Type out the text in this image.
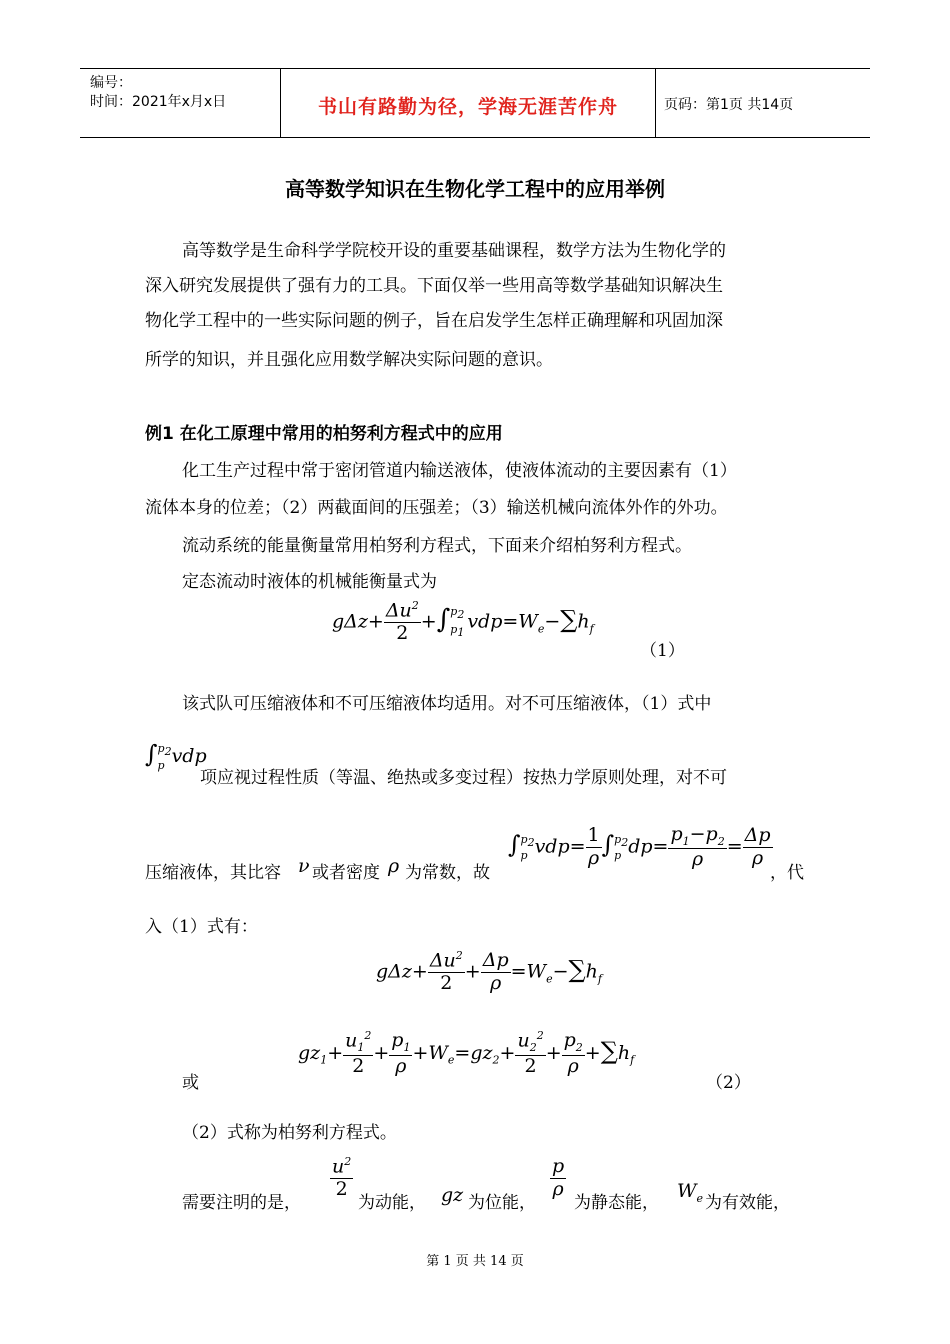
编号：
时间：2021年x月x日	书山有路勤为径，学海无涯苦作舟	页码：第1页 共14页
高等数学知识在生物化学工程中的应用举例
高等数学是生命科学学院校开设的重要基础课程，数学方法为生物化学的
深入研究发展提供了强有力的工具。下面仅举一些用高等数学基础知识解决生
物化学工程中的一些实际问题的例子，旨在启发学生怎样正确理解和巩固加深
所学的知识，并且强化应用数学解决实际问题的意识。
例1 在化工原理中常用的柏努利方程式中的应用
化工生产过程中常于密闭管道内输送液体，使液体流动的主要因素有（1）
流体本身的位差；（2）两截面间的压强差；（3）输送机械向流体外作的外功。
流动系统的能量衡量常用柏努利方程式，下面来介绍柏努利方程式。
定态流动时液体的机械能衡量式为
$g\Delta z+ \frac{\Delta u^2}{2}$ +∫ $p_2$
$p_1$ $vdp=W_e-\sum h_f$
（1）
该式队可压缩液体和不可压缩液体均适用。对不可压缩液体，（1）式中
∫ $p_2$
p vdp
项应视过程性质（等温、绝热或多变过程）按热力学原则处理，对不可
压缩液体，其比容 ν 或者密度 ρ 为常数，故
∫ $p_2$
p $vdp= \frac{1}{\rho}$ ∫ $p_2$
p $dp= \frac{p_1-p_2}{\rho} = \frac{\Delta p}{\rho}$
，代
入（1）式有：
$g\Delta z+ \frac{\Delta u^2}{2} + \frac{\Delta p}{\rho} =W_e-\sum h_f$
或
$gz_1+ \frac{u_1^2}{2} + \frac{p_1}{\rho} +W_e=gz_2+ \frac{u_2^2}{2} + \frac{p_2}{\rho} +\sum h_f$
（2）
（2）式称为柏努利方程式。
需要注明的是，
$\frac{u^2}{2}$
为动能， gz 为位能，
$\frac{p}{\rho}$
为静态能，
$W_e$ 为有效能，
第 1 页 共 14 页
